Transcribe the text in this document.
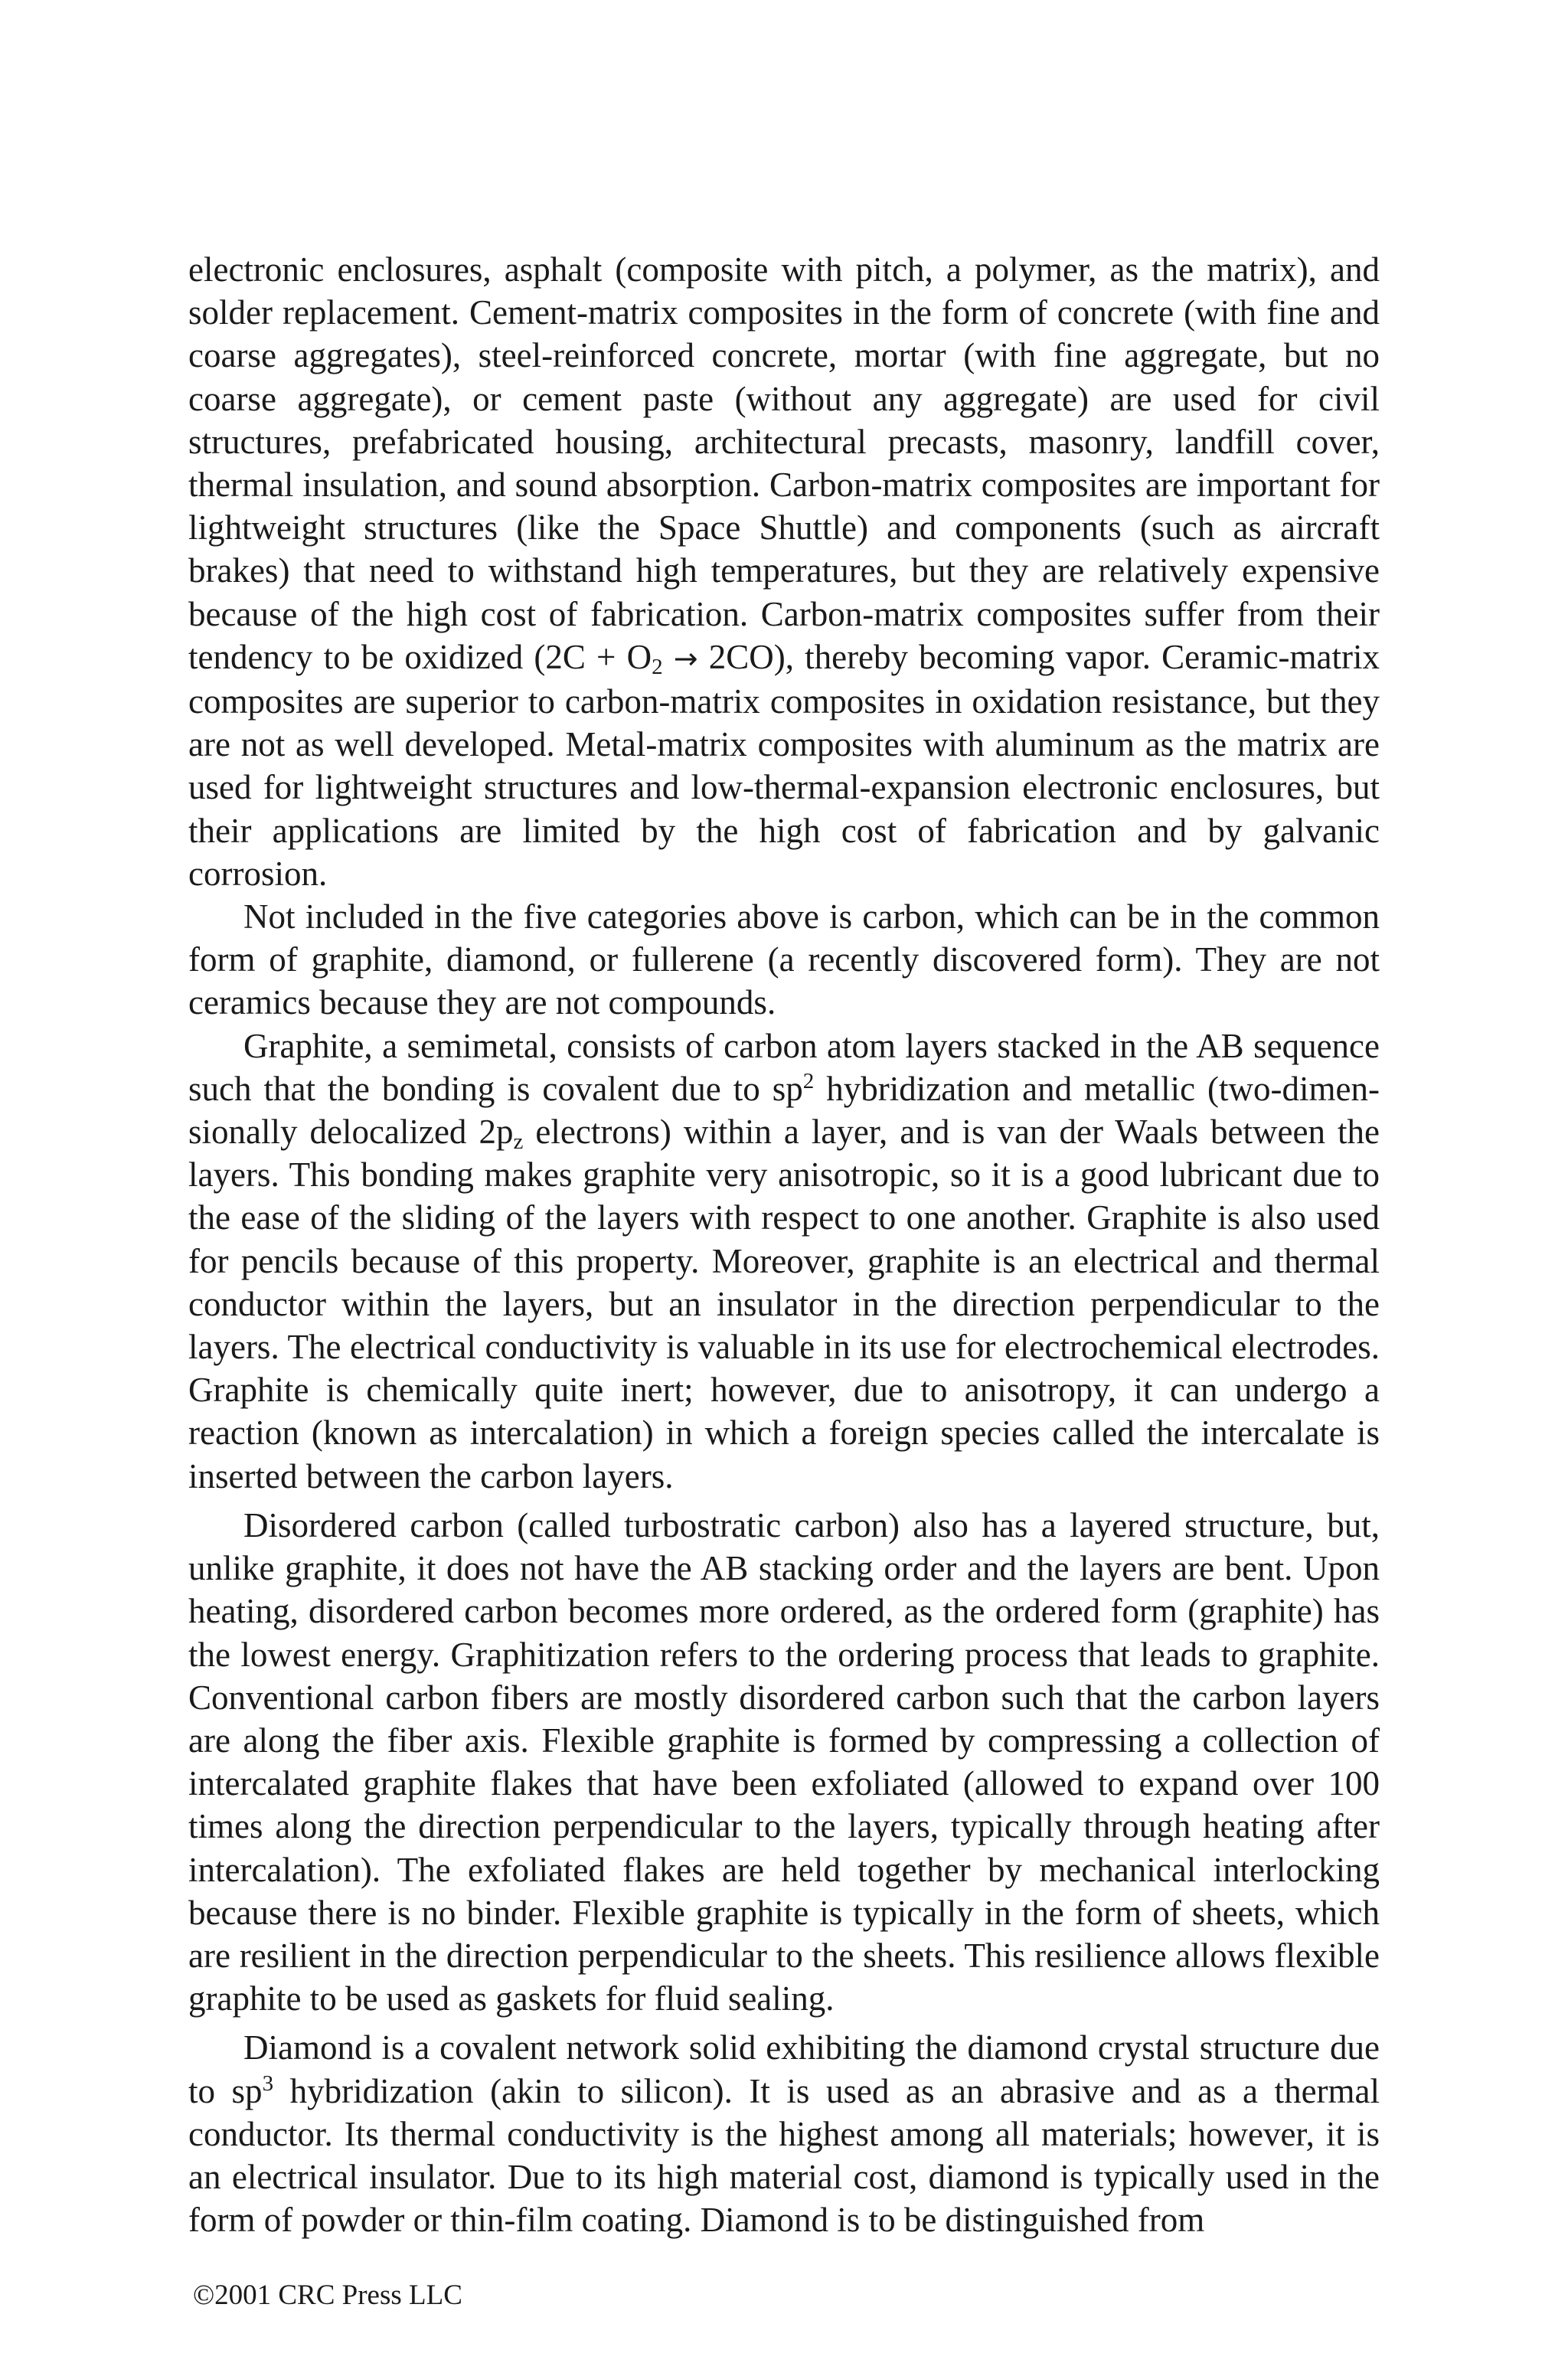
electronic enclosures, asphalt (composite with pitch, a polymer, as the matrix), and solder replacement. Cement-matrix composites in the form of concrete (with fine and coarse aggregates), steel-reinforced concrete, mortar (with fine aggregate, but no coarse aggregate), or cement paste (without any aggregate) are used for civil structures, prefabricated housing, architectural precasts, masonry, landfill cover, thermal insulation, and sound absorption. Carbon-matrix composites are important for lightweight structures (like the Space Shuttle) and components (such as aircraft brakes) that need to withstand high temperatures, but they are relatively expensive because of the high cost of fabrication. Carbon-matrix composites suffer from their tendency to be oxidized $(2C + O_2 \to 2CO)$, thereby becoming vapor. Ceramic-matrix composites are superior to carbon-matrix composites in oxidation resistance, but they are not as well developed. Metal-matrix composites with aluminum as the matrix are used for lightweight structures and low-thermal-expansion electronic enclosures, but their applications are limited by the high cost of fabrication and by galvanic corrosion.

Not included in the five categories above is carbon, which can be in the common form of graphite, diamond, or fullerene (a recently discovered form). They are not ceramics because they are not compounds.

Graphite, a semimetal, consists of carbon atom layers stacked in the AB sequence such that the bonding is covalent due to $sp^2$ hybridization and metallic (two-dimensionally delocalized $2p_z$ electrons) within a layer, and is van der Waals between the layers. This bonding makes graphite very anisotropic, so it is a good lubricant due to the ease of the sliding of the layers with respect to one another. Graphite is also used for pencils because of this property. Moreover, graphite is an electrical and thermal conductor within the layers, but an insulator in the direction perpendicular to the layers. The electrical conductivity is valuable in its use for electrochemical electrodes. Graphite is chemically quite inert; however, due to anisotropy, it can undergo a reaction (known as intercalation) in which a foreign species called the intercalate is inserted between the carbon layers.

Disordered carbon (called turbostratic carbon) also has a layered structure, but, unlike graphite, it does not have the AB stacking order and the layers are bent. Upon heating, disordered carbon becomes more ordered, as the ordered form (graphite) has the lowest energy. Graphitization refers to the ordering process that leads to graphite. Conventional carbon fibers are mostly disordered carbon such that the carbon layers are along the fiber axis. Flexible graphite is formed by compressing a collection of intercalated graphite flakes that have been exfoliated (allowed to expand over 100 times along the direction perpendicular to the layers, typically through heating after intercalation). The exfoliated flakes are held together by mechanical interlocking because there is no binder. Flexible graphite is typically in the form of sheets, which are resilient in the direction perpendicular to the sheets. This resilience allows flexible graphite to be used as gaskets for fluid sealing.

Diamond is a covalent network solid exhibiting the diamond crystal structure due to $sp^3$ hybridization (akin to silicon). It is used as an abrasive and as a thermal conductor. Its thermal conductivity is the highest among all materials; however, it is an electrical insulator. Due to its high material cost, diamond is typically used in the form of powder or thin-film coating. Diamond is to be distinguished from

©2001 CRC Press LLC
